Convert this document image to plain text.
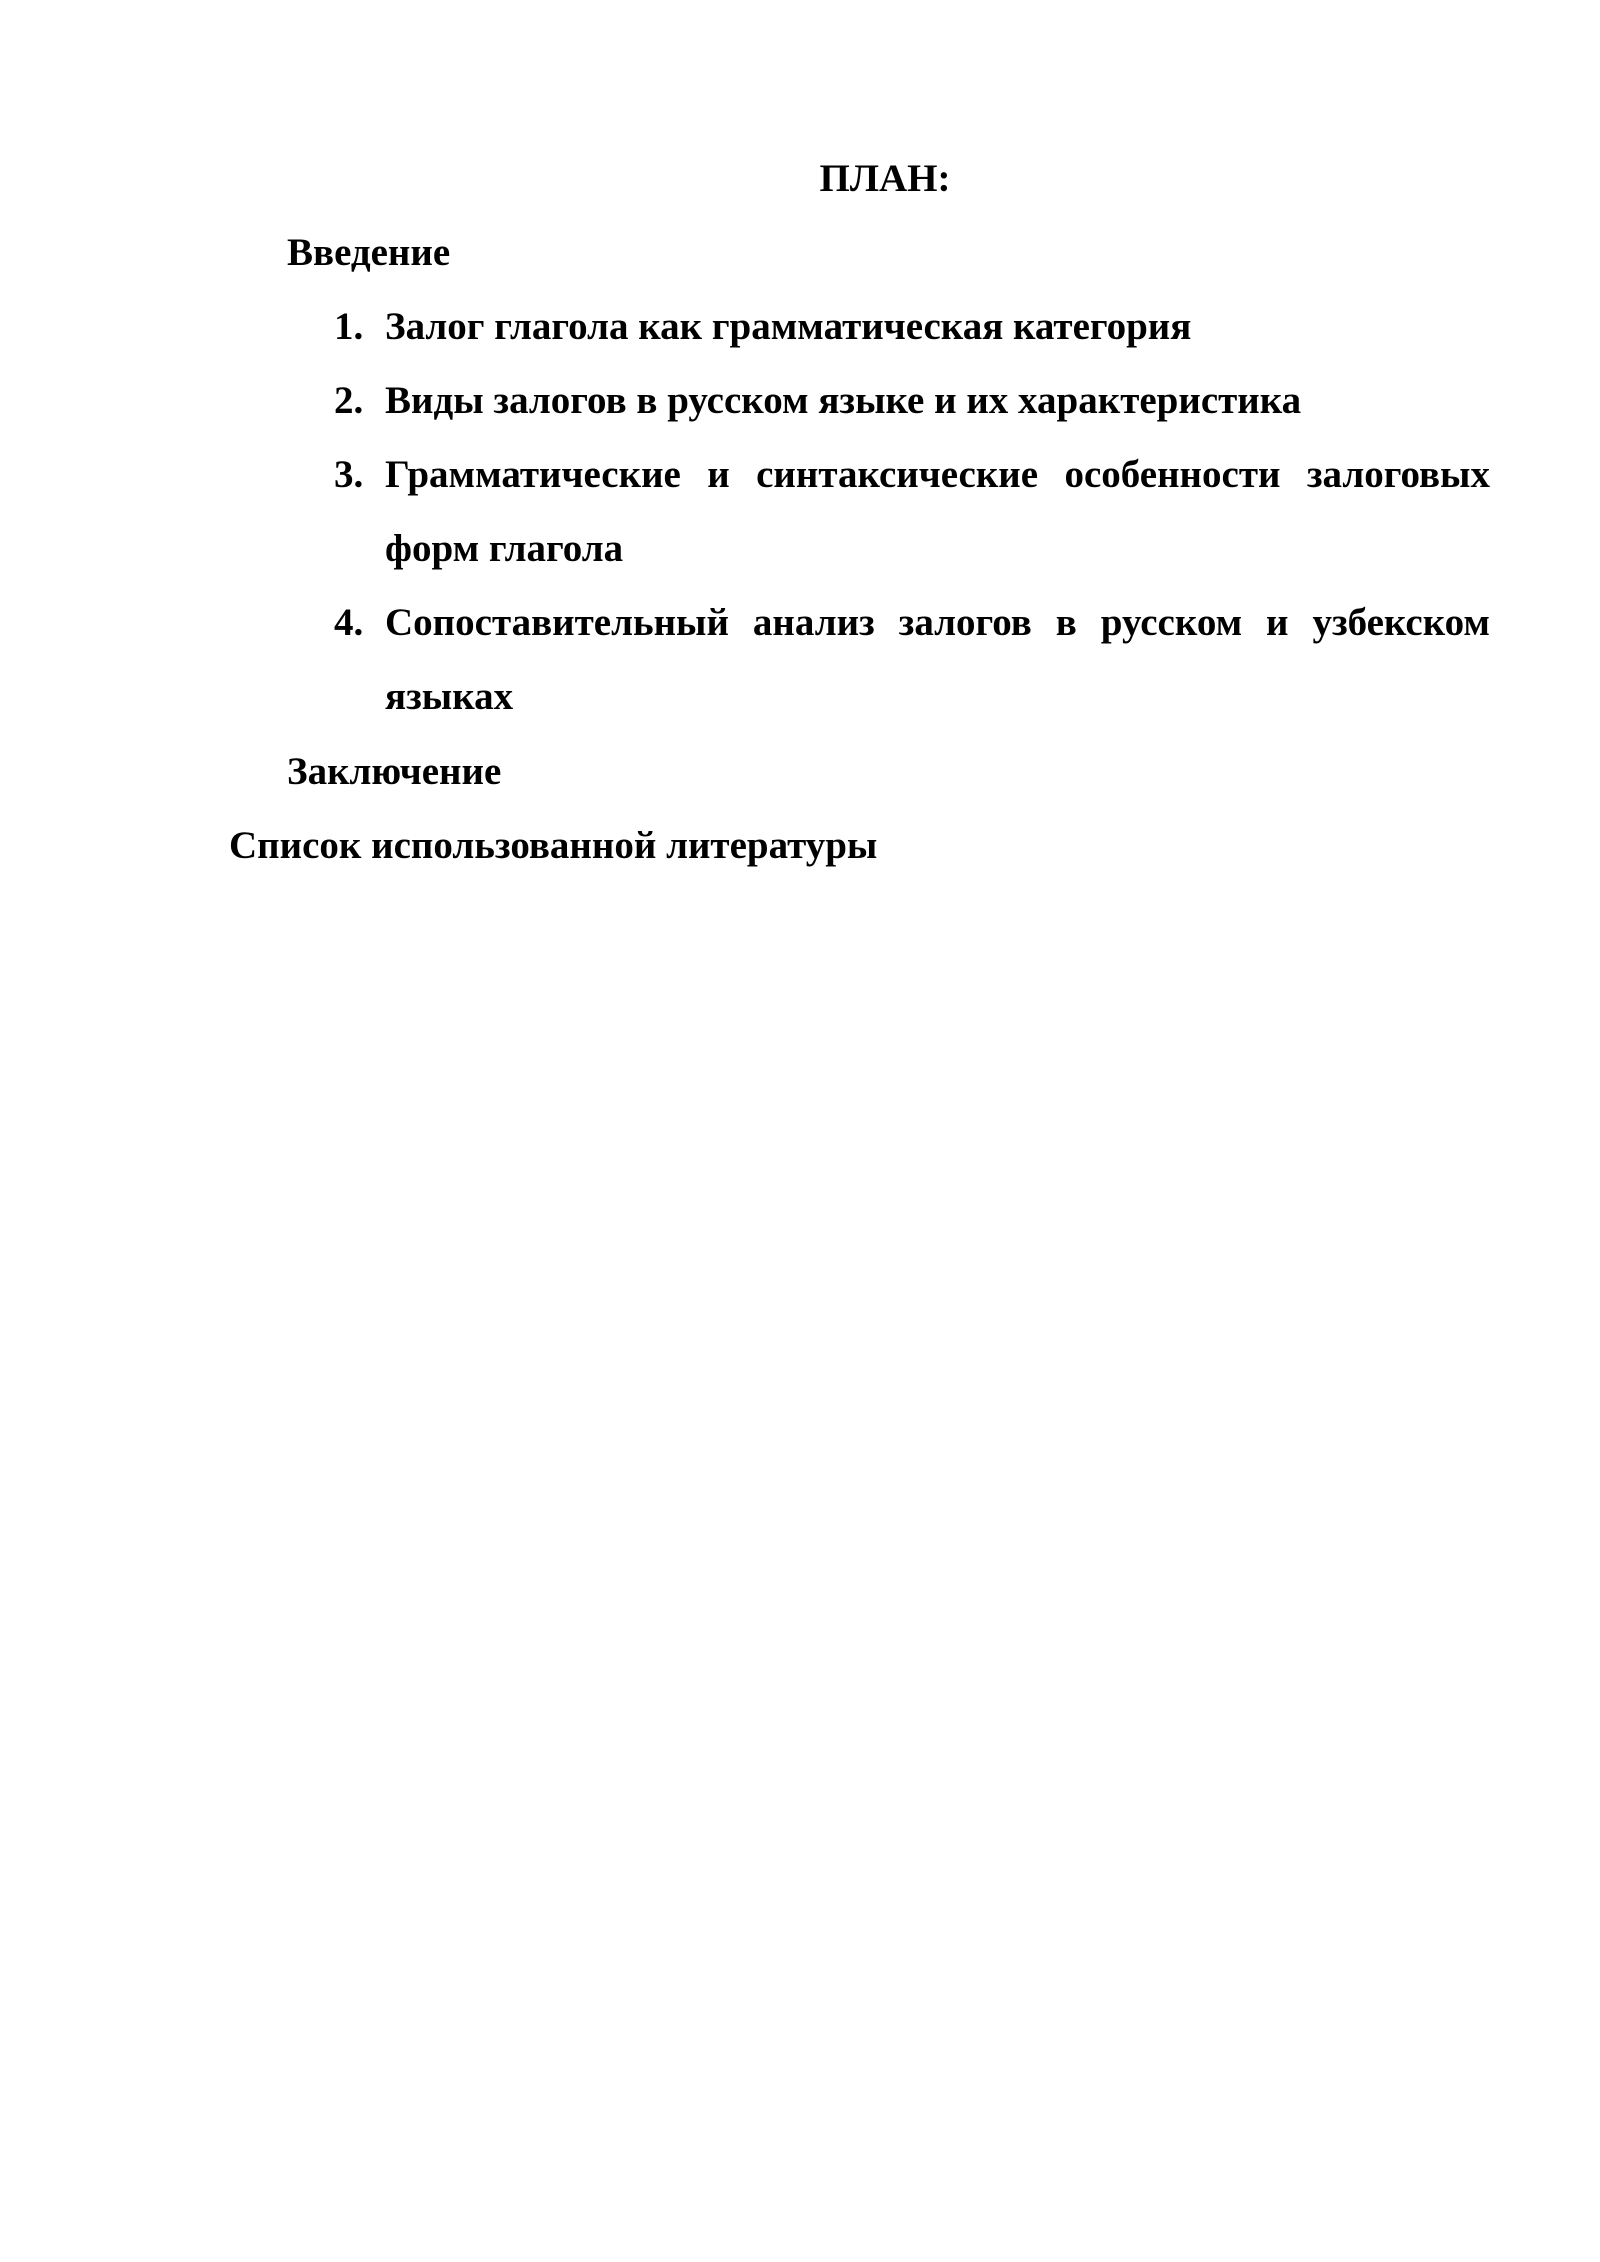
ПЛАН:
Введение
1. Залог глагола как грамматическая категория
2. Виды залогов в русском языке и их характеристика
3. Грамматические и синтаксические особенности залоговых форм глагола
4. Сопоставительный анализ залогов в русском и узбекском языках
Заключение
Список использованной литературы
